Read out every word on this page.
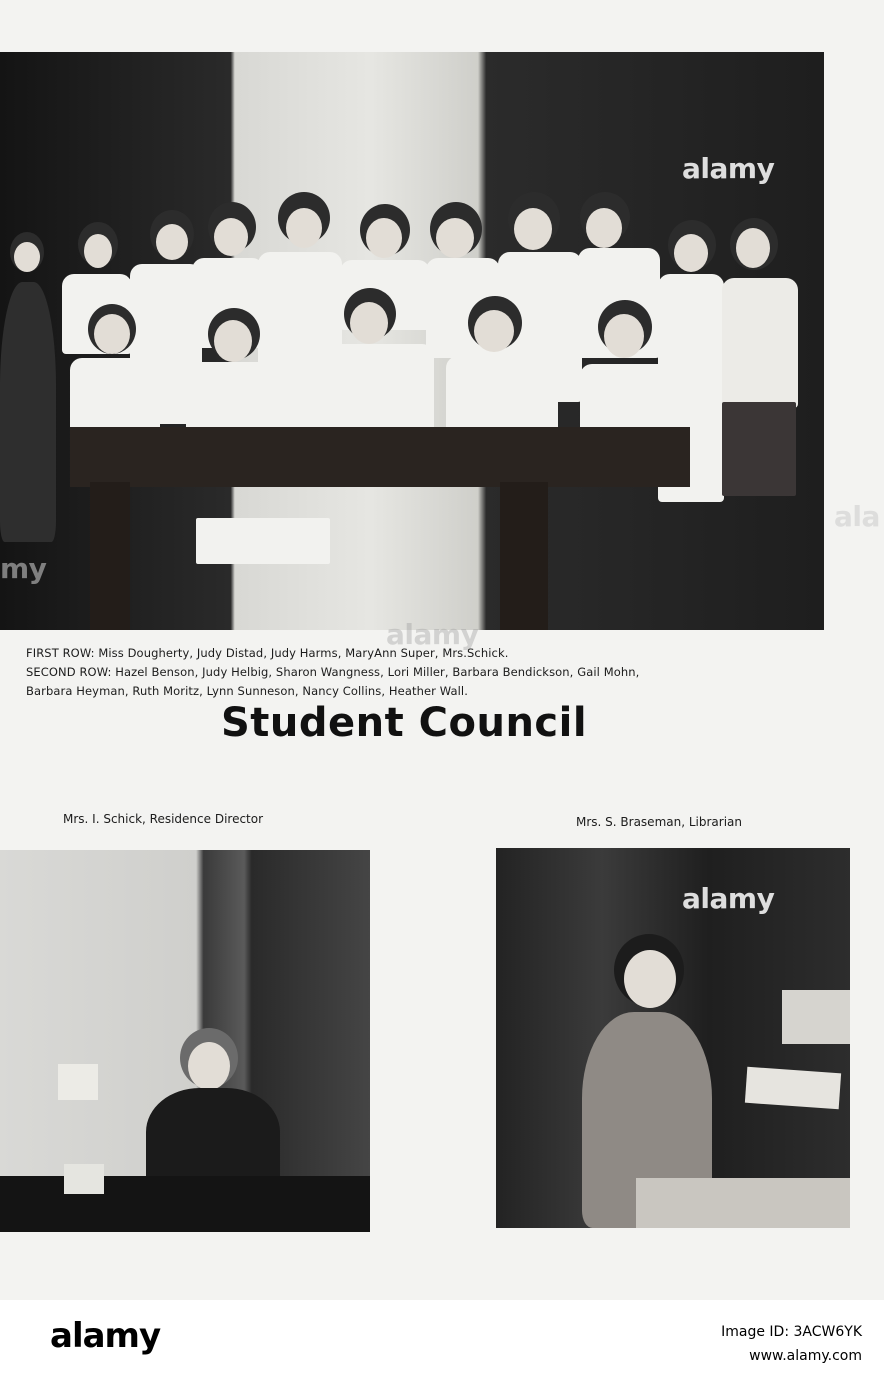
alamy
my
ala
alamy
FIRST ROW: Miss Dougherty, Judy Distad, Judy Harms, MaryAnn Super, Mrs.Schick.
SECOND ROW: Hazel Benson, Judy Helbig, Sharon Wangness, Lori Miller, Barbara Bendickson, Gail Mohn,
Barbara Heyman, Ruth Moritz, Lynn Sunneson, Nancy Collins, Heather Wall.
Student Council
Mrs. I. Schick, Residence Director	Mrs. S. Braseman, Librarian
alamy
alamy	Image ID: 3ACW6YK
www.alamy.com
